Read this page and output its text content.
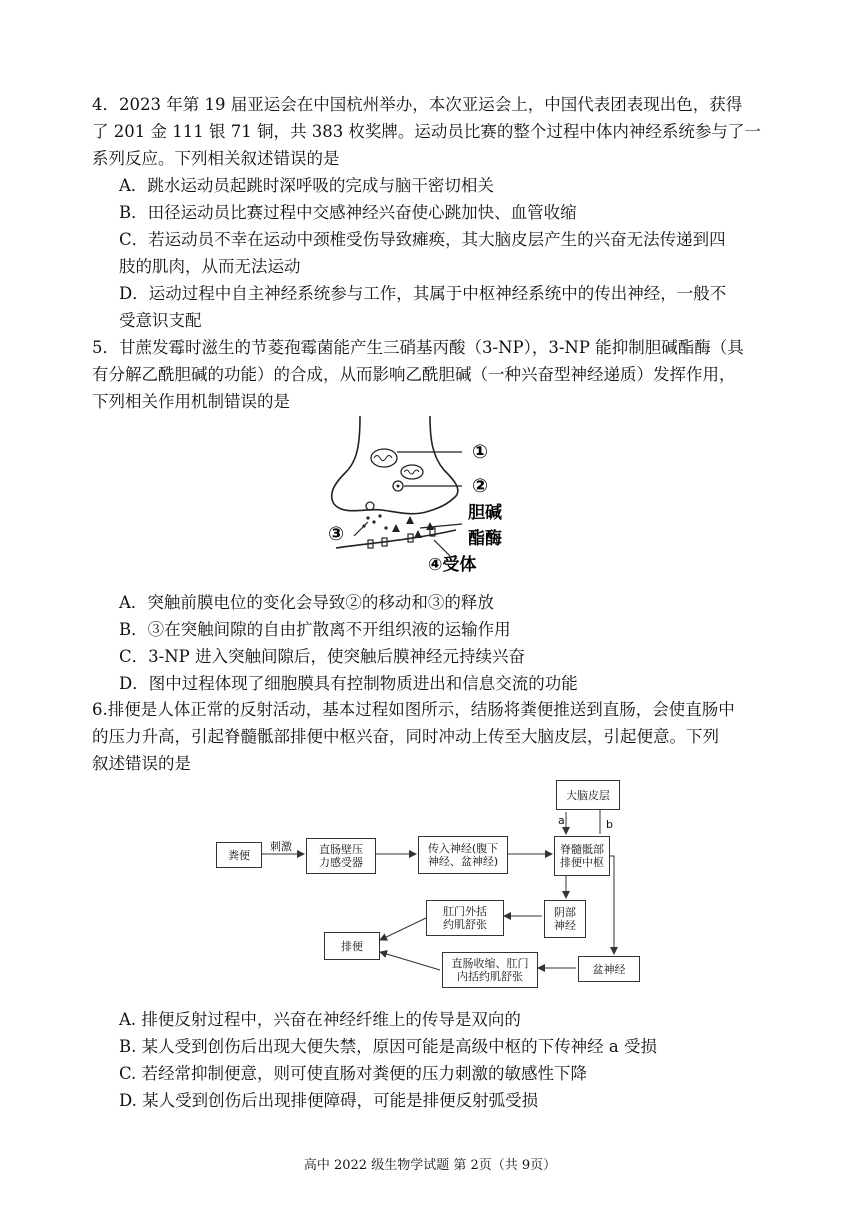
4．2023 年第 19 届亚运会在中国杭州举办，本次亚运会上，中国代表团表现出色，获得

了 201 金 111 银 71 铜，共 383 枚奖牌。运动员比赛的整个过程中体内神经系统参与了一

系列反应。下列相关叙述错误的是

A．跳水运动员起跳时深呼吸的完成与脑干密切相关

B．田径运动员比赛过程中交感神经兴奋使心跳加快、血管收缩

C．若运动员不幸在运动中颈椎受伤导致瘫痪，其大脑皮层产生的兴奋无法传递到四

肢的肌肉，从而无法运动

D．运动过程中自主神经系统参与工作，其属于中枢神经系统中的传出神经，一般不

受意识支配

5．甘蔗发霉时滋生的节菱孢霉菌能产生三硝基丙酸（3-NP），3-NP 能抑制胆碱酯酶（具

有分解乙酰胆碱的功能）的合成，从而影响乙酰胆碱（一种兴奋型神经递质）发挥作用，

下列相关作用机制错误的是

①
②
胆碱
酯酶
③
④受体

A．突触前膜电位的变化会导致②的移动和③的释放

B．③在突触间隙的自由扩散离不开组织液的运输作用

C．3-NP 进入突触间隙后，使突触后膜神经元持续兴奋

D．图中过程体现了细胞膜具有控制物质进出和信息交流的功能

6.排便是人体正常的反射活动，基本过程如图所示，结肠将粪便推送到直肠，会使直肠中

的压力升高，引起脊髓骶部排便中枢兴奋，同时冲动上传至大脑皮层，引起便意。下列

叙述错误的是

大脑皮层
a	b
粪便
刺激 直肠壁压
力感受器
传入神经(腹下
神经、盆神经)
脊髓骶部
排便中枢
阴部
神经
肛门外括
约肌舒张
排便
盆神经
直肠收缩、肛门
内括约肌舒张

A. 排便反射过程中，兴奋在神经纤维上的传导是双向的

B. 某人受到创伤后出现大便失禁，原因可能是高级中枢的下传神经 a 受损

C. 若经常抑制便意，则可使直肠对粪便的压力刺激的敏感性下降

D. 某人受到创伤后出现排便障碍，可能是排便反射弧受损

高中 2022 级生物学试题 第 2页（共 9页）
